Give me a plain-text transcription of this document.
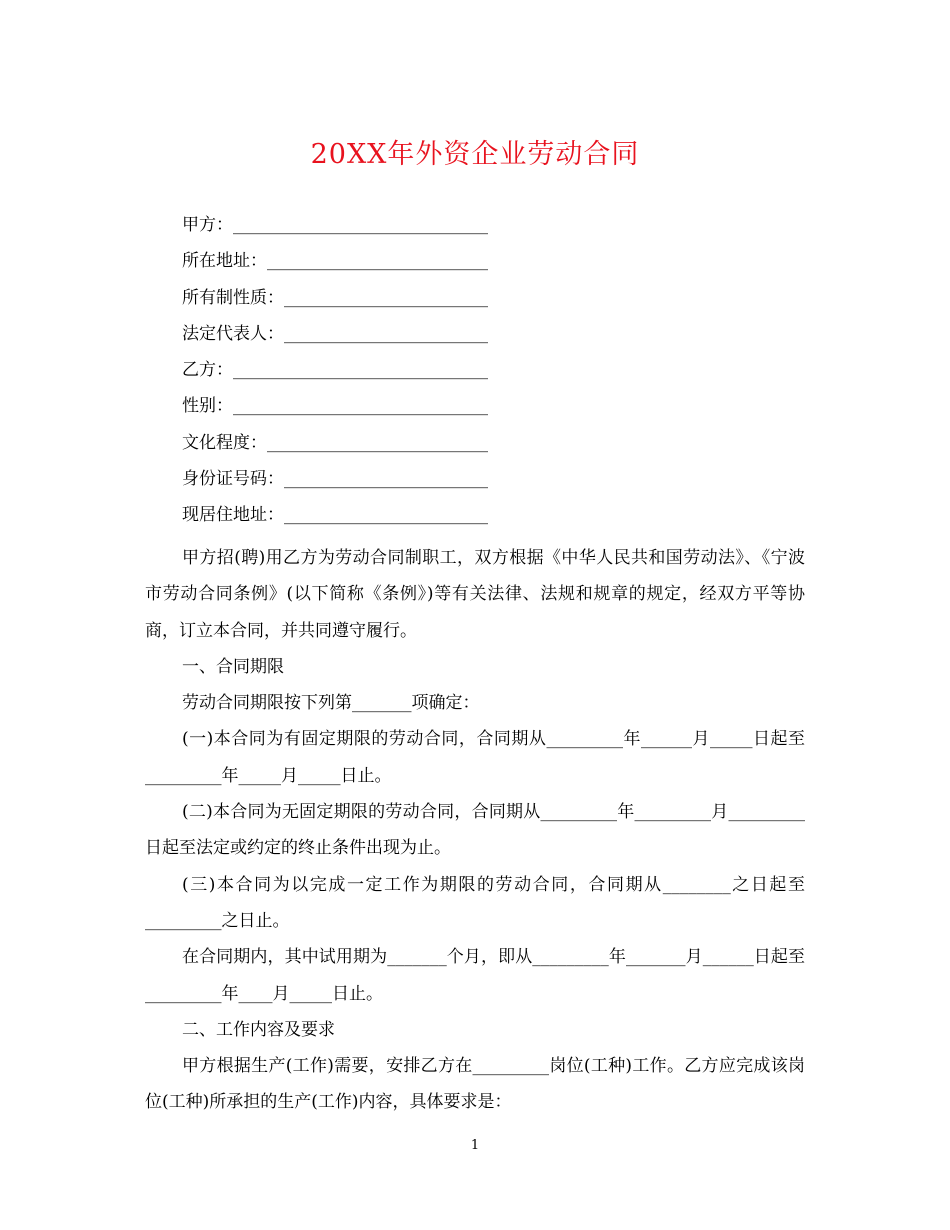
20XX年外资企业劳动合同
甲方：______________________________
所在地址：__________________________
所有制性质：________________________
法定代表人：________________________
乙方：______________________________
性别：______________________________
文化程度：__________________________
身份证号码：________________________
现居住地址：________________________

甲方招(聘)用乙方为劳动合同制职工，双方根据《中华人民共和国劳动法》、《宁波市劳动合同条例》(以下简称《条例》)等有关法律、法规和规章的规定，经双方平等协商，订立本合同，并共同遵守履行。

一、合同期限

劳动合同期限按下列第_______项确定：

(一)本合同为有固定期限的劳动合同，合同期从_________年______月_____日起至_________年_____月_____日止。

(二)本合同为无固定期限的劳动合同，合同期从_________年_________月_________日起至法定或约定的终止条件出现为止。

(三)本合同为以完成一定工作为期限的劳动合同，合同期从________之日起至_________之日止。

在合同期内，其中试用期为_______个月，即从_________年_______月______日起至_________年____月_____日止。

二、工作内容及要求

甲方根据生产(工作)需要，安排乙方在_________岗位(工种)工作。乙方应完成该岗位(工种)所承担的生产(工作)内容，具体要求是：

1
